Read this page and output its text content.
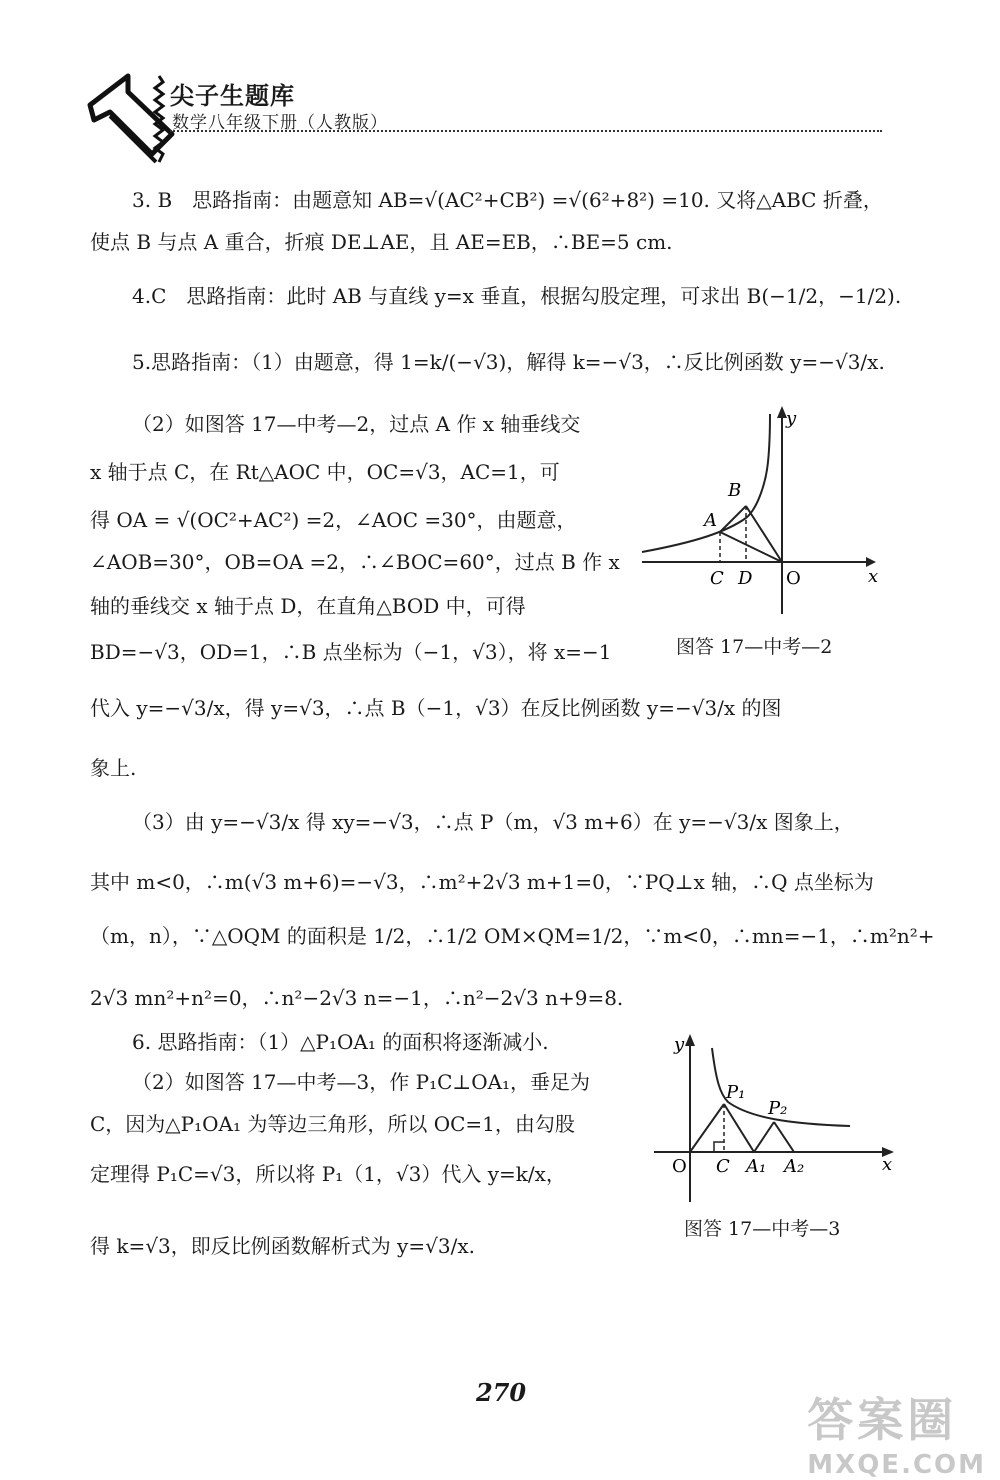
尖子生题库
数学八年级下册（人教版）
3. B　思路指南：由题意知 AB=√(AC²+CB²) =√(6²+8²) =10. 又将△ABC 折叠，
使点 B 与点 A 重合，折痕 DE⊥AE，且 AE=EB，∴BE=5 cm.
4.C　思路指南：此时 AB 与直线 y=x 垂直，根据勾股定理，可求出 B(−1/2，−1/2).
5.思路指南：（1）由题意，得 1=k/(−√3)，解得 k=−√3，∴反比例函数 y=−√3/x.
（2）如图答 17—中考—2，过点 A 作 x 轴垂线交
x 轴于点 C，在 Rt△AOC 中，OC=√3，AC=1，可
得 OA = √(OC²+AC²) =2，∠AOC =30°，由题意，
∠AOB=30°，OB=OA =2，∴∠BOC=60°，过点 B 作 x
轴的垂线交 x 轴于点 D，在直角△BOD 中，可得
BD=−√3，OD=1，∴B 点坐标为（−1，√3），将 x=−1
代入 y=−√3/x，得 y=√3，∴点 B（−1，√3）在反比例函数 y=−√3/x 的图
象上.
（3）由 y=−√3/x 得 xy=−√3，∴点 P（m，√3 m+6）在 y=−√3/x 图象上，
其中 m<0，∴m(√3 m+6)=−√3，∴m²+2√3 m+1=0，∵PQ⊥x 轴，∴Q 点坐标为
（m，n），∵△OQM 的面积是 1/2，∴1/2 OM×QM=1/2，∵m<0，∴mn=−1，∴m²n²+
2√3 mn²+n²=0，∴n²−2√3 n=−1，∴n²−2√3 n+9=8.
6. 思路指南：（1）△P₁OA₁ 的面积将逐渐减小.
（2）如图答 17—中考—3，作 P₁C⊥OA₁，垂足为
C，因为△P₁OA₁ 为等边三角形，所以 OC=1，由勾股
定理得 P₁C=√3，所以将 P₁（1，√3）代入 y=k/x，
得 k=√3，即反比例函数解析式为 y=√3/x.
y
x
B
A
C D O
图答 17—中考—2
y
x
O C A₁ A₂
P₁
P₂
图答 17—中考—3
270
答案圈
MXQE.COM
